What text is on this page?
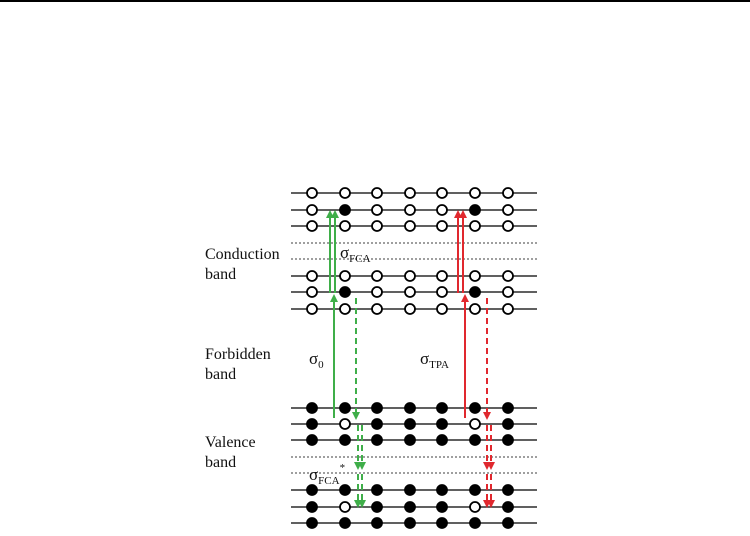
Conduction
band
Forbidden
band
Valence
band
$\sigma_{FCA}$
$\sigma_0$	$\sigma_{TPA}$
$\sigma_{FCA}^*$
